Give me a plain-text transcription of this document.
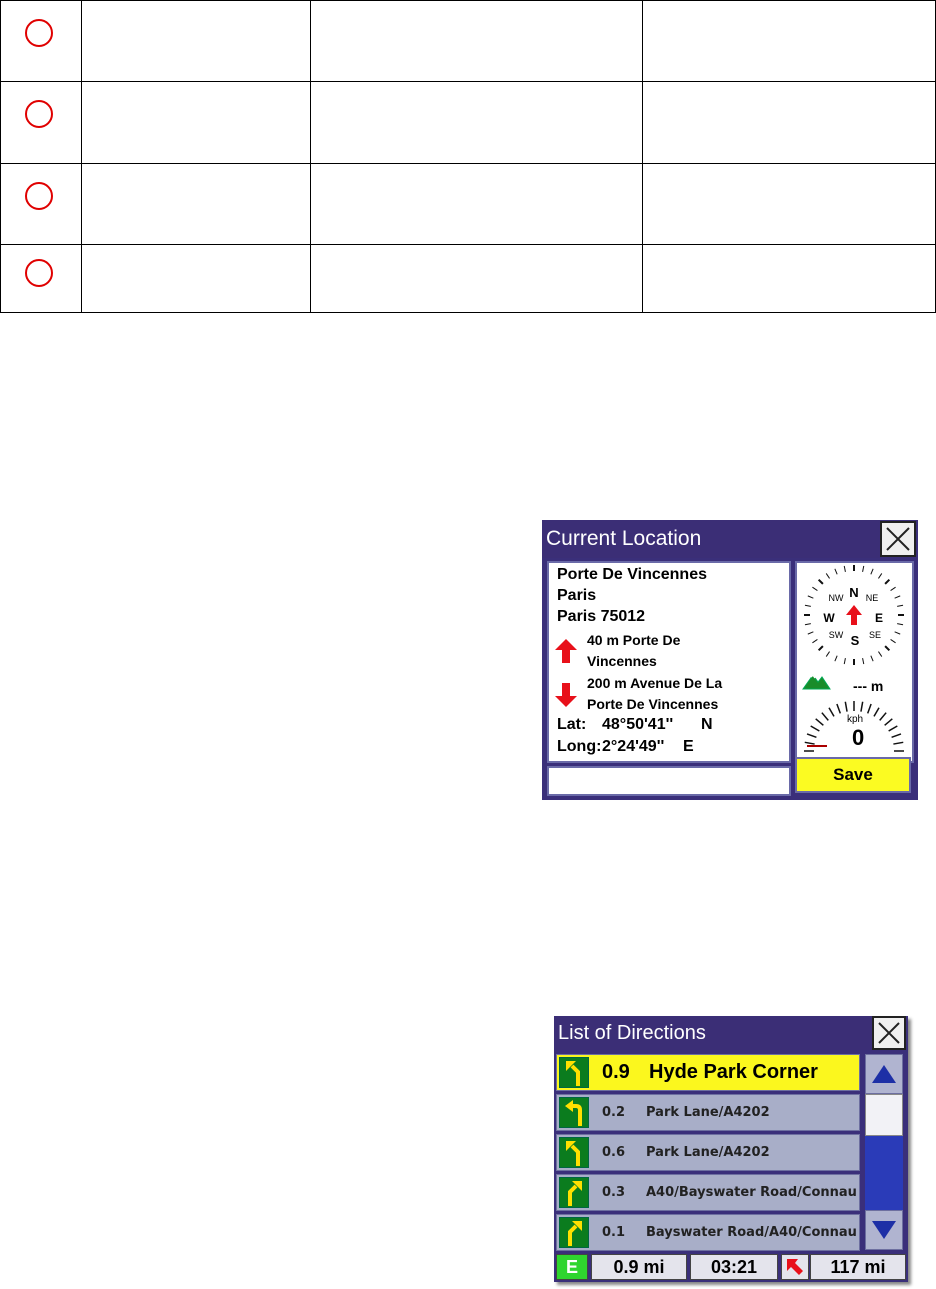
Current Location
Porte De Vincennes
Paris
Paris 75012
40 m Porte De
Vincennes
200 m Avenue De La
Porte De Vincennes
Lat: 48°50'41''	N
Long: 2°24'49''	E
N
S
E
W
NE
NW
SE
SW
--- m
kph
0
Save
List of Directions
0.9 Hyde Park Corner
0.2 Park Lane/A4202
0.6 Park Lane/A4202
0.3 A40/Bayswater Road/Connau
0.1 Bayswater Road/A40/Connau
E	0.9 mi	03:21	117 mi
